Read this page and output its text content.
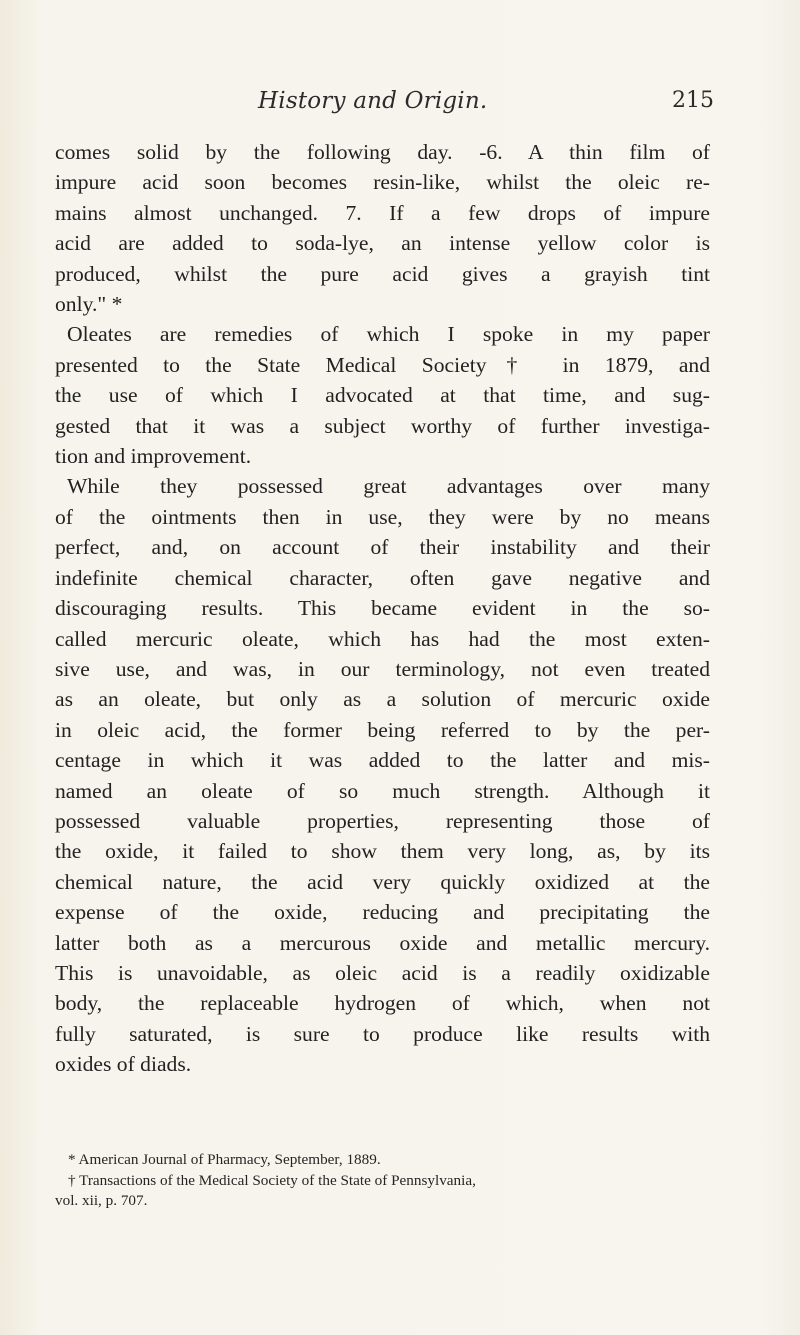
History and Origin.	215
comes solid by the following day. -6. A thin film of
impure acid soon becomes resin-like, whilst the oleic re-
mains almost unchanged. 7. If a few drops of impure
acid are added to soda-lye, an intense yellow color is
produced, whilst the pure acid gives a grayish tint
only." *
Oleates are remedies of which I spoke in my paper
presented to the State Medical Society† in 1879, and
the use of which I advocated at that time, and sug-
gested that it was a subject worthy of further investiga-
tion and improvement.
While they possessed great advantages over many
of the ointments then in use, they were by no means
perfect, and, on account of their instability and their
indefinite chemical character, often gave negative and
discouraging results. This became evident in the so-
called mercuric oleate, which has had the most exten-
sive use, and was, in our terminology, not even treated
as an oleate, but only as a solution of mercuric oxide
in oleic acid, the former being referred to by the per-
centage in which it was added to the latter and mis-
named an oleate of so much strength. Although it
possessed valuable properties, representing those of
the oxide, it failed to show them very long, as, by its
chemical nature, the acid very quickly oxidized at the
expense of the oxide, reducing and precipitating the
latter both as a mercurous oxide and metallic mercury.
This is unavoidable, as oleic acid is a readily oxidizable
body, the replaceable hydrogen of which, when not
fully saturated, is sure to produce like results with
oxides of diads.
* American Journal of Pharmacy, September, 1889.
† Transactions of the Medical Society of the State of Pennsylvania,
vol. xii, p. 707.
